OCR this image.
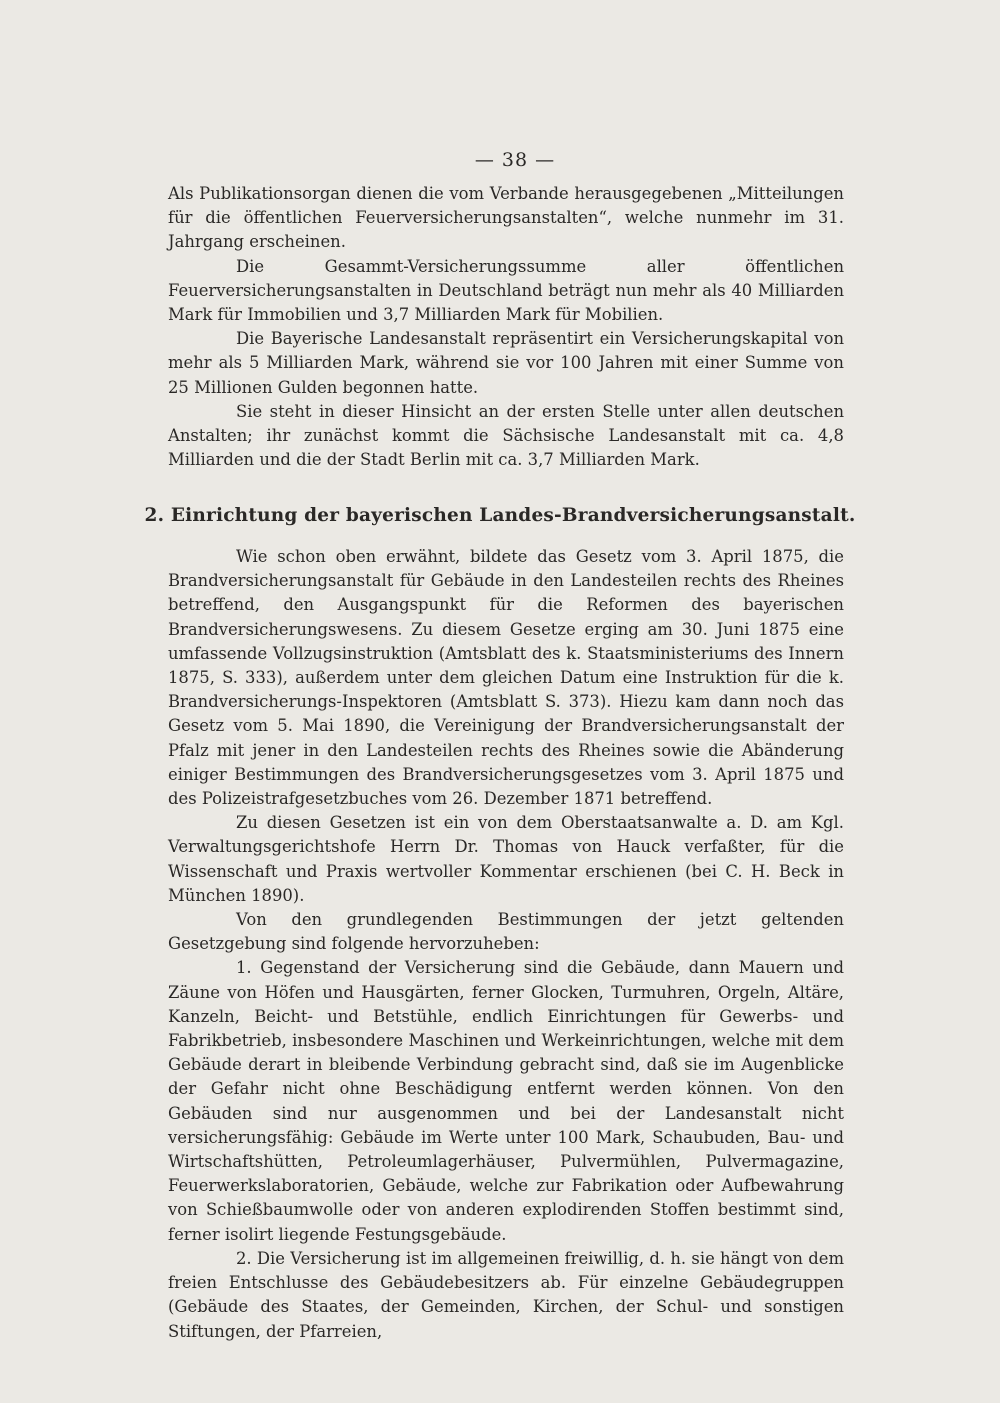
— 38 —

Als Publikationsorgan dienen die vom Verbande herausgegebenen „Mitteilungen für die öffentlichen Feuerversicherungsanstalten“, welche nunmehr im 31. Jahrgang erscheinen.

Die Gesammt-Versicherungssumme aller öffentlichen Feuerversicherungsanstalten in Deutschland beträgt nun mehr als 40 Milliarden Mark für Immobilien und 3,7 Milliarden Mark für Mobilien.

Die Bayerische Landesanstalt repräsentirt ein Versicherungskapital von mehr als 5 Milliarden Mark, während sie vor 100 Jahren mit einer Summe von 25 Millionen Gulden begonnen hatte.

Sie steht in dieser Hinsicht an der ersten Stelle unter allen deutschen Anstalten; ihr zunächst kommt die Sächsische Landesanstalt mit ca. 4,8 Milliarden und die der Stadt Berlin mit ca. 3,7 Milliarden Mark.

2. Einrichtung der bayerischen Landes-Brandversicherungsanstalt.

Wie schon oben erwähnt, bildete das Gesetz vom 3. April 1875, die Brandversicherungsanstalt für Gebäude in den Landesteilen rechts des Rheines betreffend, den Ausgangspunkt für die Reformen des bayerischen Brandversicherungswesens. Zu diesem Gesetze erging am 30. Juni 1875 eine umfassende Vollzugsinstruktion (Amtsblatt des k. Staatsministeriums des Innern 1875, S. 333), außerdem unter dem gleichen Datum eine Instruktion für die k. Brandversicherungs-Inspektoren (Amtsblatt S. 373). Hiezu kam dann noch das Gesetz vom 5. Mai 1890, die Vereinigung der Brandversicherungsanstalt der Pfalz mit jener in den Landesteilen rechts des Rheines sowie die Abänderung einiger Bestimmungen des Brandversicherungsgesetzes vom 3. April 1875 und des Polizeistrafgesetzbuches vom 26. Dezember 1871 betreffend.

Zu diesen Gesetzen ist ein von dem Oberstaatsanwalte a. D. am Kgl. Verwaltungsgerichtshofe Herrn Dr. Thomas von Hauck verfaßter, für die Wissenschaft und Praxis wertvoller Kommentar erschienen (bei C. H. Beck in München 1890).

Von den grundlegenden Bestimmungen der jetzt geltenden Gesetzgebung sind folgende hervorzuheben:

1. Gegenstand der Versicherung sind die Gebäude, dann Mauern und Zäune von Höfen und Hausgärten, ferner Glocken, Turmuhren, Orgeln, Altäre, Kanzeln, Beicht- und Betstühle, endlich Einrichtungen für Gewerbs- und Fabrikbetrieb, insbesondere Maschinen und Werkeinrichtungen, welche mit dem Gebäude derart in bleibende Verbindung gebracht sind, daß sie im Augenblicke der Gefahr nicht ohne Beschädigung entfernt werden können. Von den Gebäuden sind nur ausgenommen und bei der Landesanstalt nicht versicherungsfähig: Gebäude im Werte unter 100 Mark, Schaubuden, Bau- und Wirtschaftshütten, Petroleumlagerhäuser, Pulvermühlen, Pulvermagazine, Feuerwerkslaboratorien, Gebäude, welche zur Fabrikation oder Aufbewahrung von Schießbaumwolle oder von anderen explodirenden Stoffen bestimmt sind, ferner isolirt liegende Festungsgebäude.

2. Die Versicherung ist im allgemeinen freiwillig, d. h. sie hängt von dem freien Entschlusse des Gebäudebesitzers ab. Für einzelne Gebäudegruppen (Gebäude des Staates, der Gemeinden, Kirchen, der Schul- und sonstigen Stiftungen, der Pfarreien,
